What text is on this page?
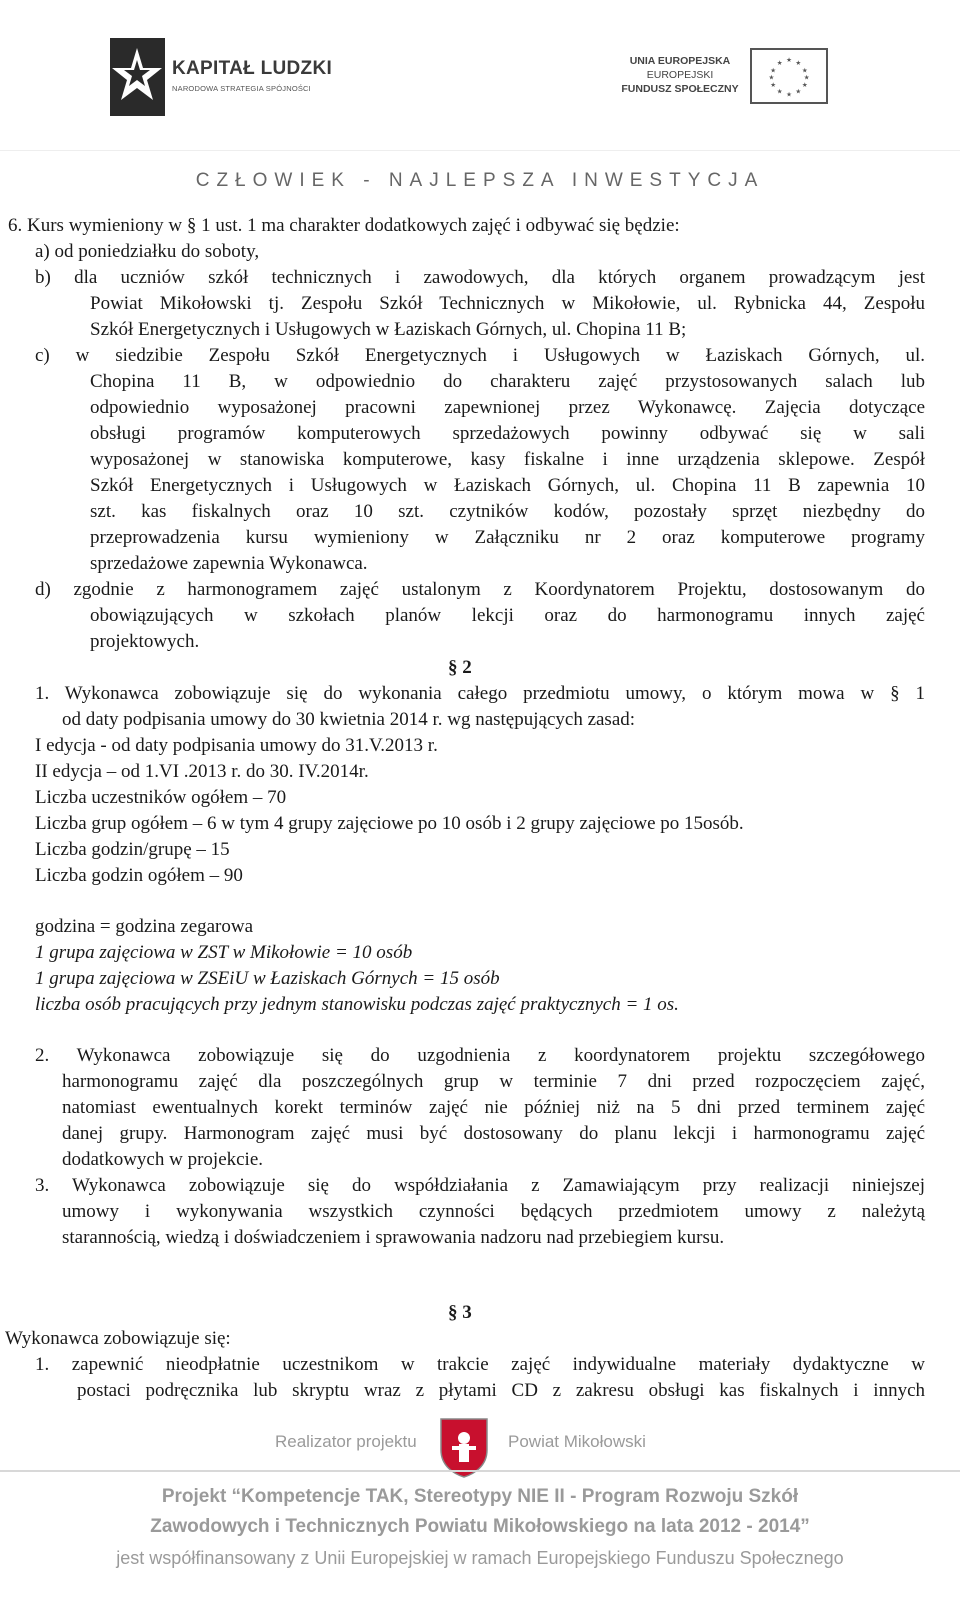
KAPITAŁ LUDZKI
NARODOWA STRATEGIA SPÓJNOŚCI
UNIA EUROPEJSKA
EUROPEJSKI
FUNDUSZ SPOŁECZNY
★ ★
★
★
★
★
★
★
★
★
★
★
CZŁOWIEK - NAJLEPSZA INWESTYCJA
6. Kurs wymieniony w § 1 ust. 1 ma charakter dodatkowych zajęć i odbywać się będzie:
a) od poniedziałku do soboty,
b) dla uczniów szkół technicznych i zawodowych, dla których organem prowadzącym jest
Powiat Mikołowski tj. Zespołu Szkół Technicznych w Mikołowie, ul. Rybnicka 44, Zespołu
Szkół Energetycznych i Usługowych w Łaziskach Górnych, ul. Chopina 11 B;
c) w siedzibie Zespołu Szkół Energetycznych i Usługowych w Łaziskach Górnych, ul.
Chopina 11 B, w odpowiednio do charakteru zajęć przystosowanych salach lub
odpowiednio wyposażonej pracowni zapewnionej przez Wykonawcę. Zajęcia dotyczące
obsługi programów komputerowych sprzedażowych powinny odbywać się w sali
wyposażonej w stanowiska komputerowe, kasy fiskalne i inne urządzenia sklepowe. Zespół
Szkół Energetycznych i Usługowych w Łaziskach Górnych, ul. Chopina 11 B zapewnia 10
szt. kas fiskalnych oraz 10 szt. czytników kodów, pozostały sprzęt niezbędny do
przeprowadzenia kursu wymieniony w Załączniku nr 2 oraz komputerowe programy
sprzedażowe zapewnia Wykonawca.
d) zgodnie z harmonogramem zajęć ustalonym z Koordynatorem Projektu, dostosowanym do
obowiązujących w szkołach planów lekcji oraz do harmonogramu innych zajęć
projektowych.
§ 2
1. Wykonawca zobowiązuje się do wykonania całego przedmiotu umowy, o którym mowa w § 1
od daty podpisania umowy do 30 kwietnia 2014 r. wg następujących zasad:
I edycja - od daty podpisania umowy do 31.V.2013 r.
II edycja – od 1.VI .2013 r. do 30. IV.2014r.
Liczba uczestników ogółem – 70
Liczba grup ogółem – 6 w tym 4 grupy zajęciowe po 10 osób i 2 grupy zajęciowe po 15osób.
Liczba godzin/grupę – 15
Liczba godzin ogółem – 90
godzina = godzina zegarowa
1 grupa zajęciowa w ZST w Mikołowie = 10 osób
1 grupa zajęciowa w ZSEiU w Łaziskach Górnych = 15 osób
liczba osób pracujących przy jednym stanowisku podczas zajęć praktycznych = 1 os.
2. Wykonawca zobowiązuje się do uzgodnienia z koordynatorem projektu szczegółowego
harmonogramu zajęć dla poszczególnych grup w terminie 7 dni przed rozpoczęciem zajęć,
natomiast ewentualnych korekt terminów zajęć nie później niż na 5 dni przed terminem zajęć
danej grupy. Harmonogram zajęć musi być dostosowany do planu lekcji i harmonogramu zajęć
dodatkowych w projekcie.
3. Wykonawca zobowiązuje się do współdziałania z Zamawiającym przy realizacji niniejszej
umowy i wykonywania wszystkich czynności będących przedmiotem umowy z należytą
starannością, wiedzą i doświadczeniem i sprawowania nadzoru nad przebiegiem kursu.
§ 3
Wykonawca zobowiązuje się:
1. zapewnić nieodpłatnie uczestnikom w trakcie zajęć indywidualne materiały dydaktyczne w
postaci podręcznika lub skryptu wraz z płytami CD z zakresu obsługi kas fiskalnych i innych
Realizator projektu	Powiat Mikołowski
Projekt “Kompetencje TAK, Stereotypy NIE II - Program Rozwoju Szkół
Zawodowych i Technicznych Powiatu Mikołowskiego na lata 2012 - 2014”
jest współfinansowany z Unii Europejskiej w ramach Europejskiego Funduszu Społecznego
